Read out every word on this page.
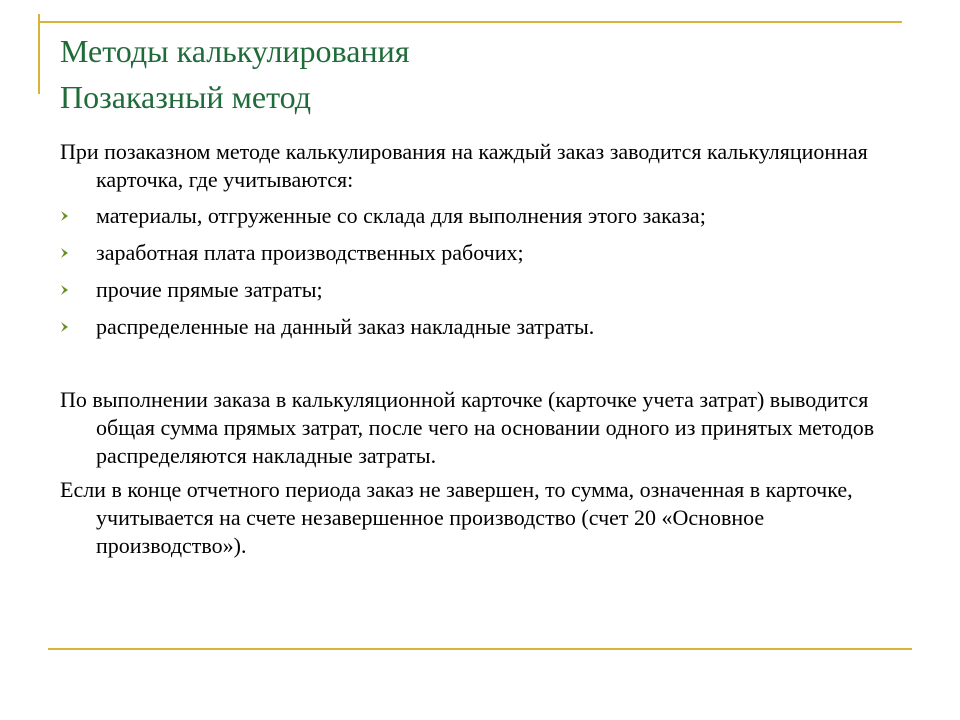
Методы калькулирования
Позаказный метод

При позаказном методе калькулирования на каждый заказ заводится калькуляционная карточка, где учитываются:

материалы, отгруженные со склада для выполнения этого заказа;
заработная плата производственных рабочих;
прочие прямые затраты;
распределенные на данный заказ накладные затраты.

По выполнении заказа в калькуляционной карточке (карточке учета затрат) выводится общая сумма прямых затрат, после чего на основании одного из принятых методов распределяются накладные затраты.

Если в конце отчетного периода заказ не завершен, то сумма, означенная в карточке, учитывается на счете незавершенное производство (счет 20 «Основное производство»).
